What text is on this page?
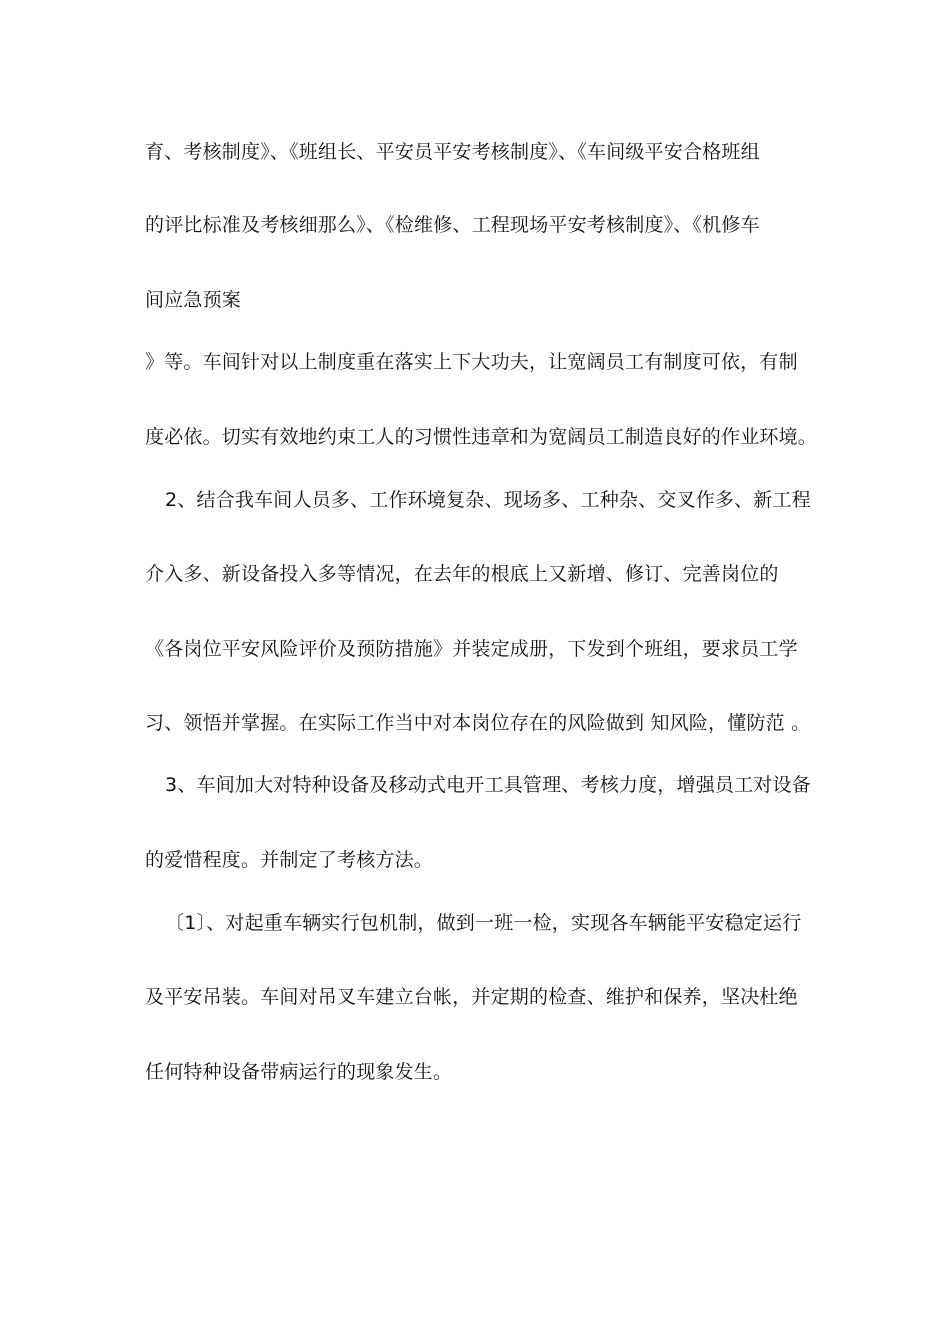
育、考核制度》、《班组长、平安员平安考核制度》、《车间级平安合格班组
的评比标准及考核细那么》、《检维修、工程现场平安考核制度》、《机修车
间应急预案
》等。车间针对以上制度重在落实上下大功夫，让宽阔员工有制度可依，有制
度必依。切实有效地约束工人的习惯性违章和为宽阔员工制造良好的作业环境。
2、结合我车间人员多、工作环境复杂、现场多、工种杂、交叉作多、新工程
介入多、新设备投入多等情况，在去年的根底上又新增、修订、完善岗位的
《各岗位平安风险评价及预防措施》并装定成册，下发到个班组，要求员工学
习、领悟并掌握。在实际工作当中对本岗位存在的风险做到 知风险，懂防范 。
3、车间加大对特种设备及移动式电开工具管理、考核力度，增强员工对设备
的爱惜程度。并制定了考核方法。
〔1〕、对起重车辆实行包机制，做到一班一检，实现各车辆能平安稳定运行
及平安吊装。车间对吊叉车建立台帐，并定期的检查、维护和保养，坚决杜绝
任何特种设备带病运行的现象发生。
